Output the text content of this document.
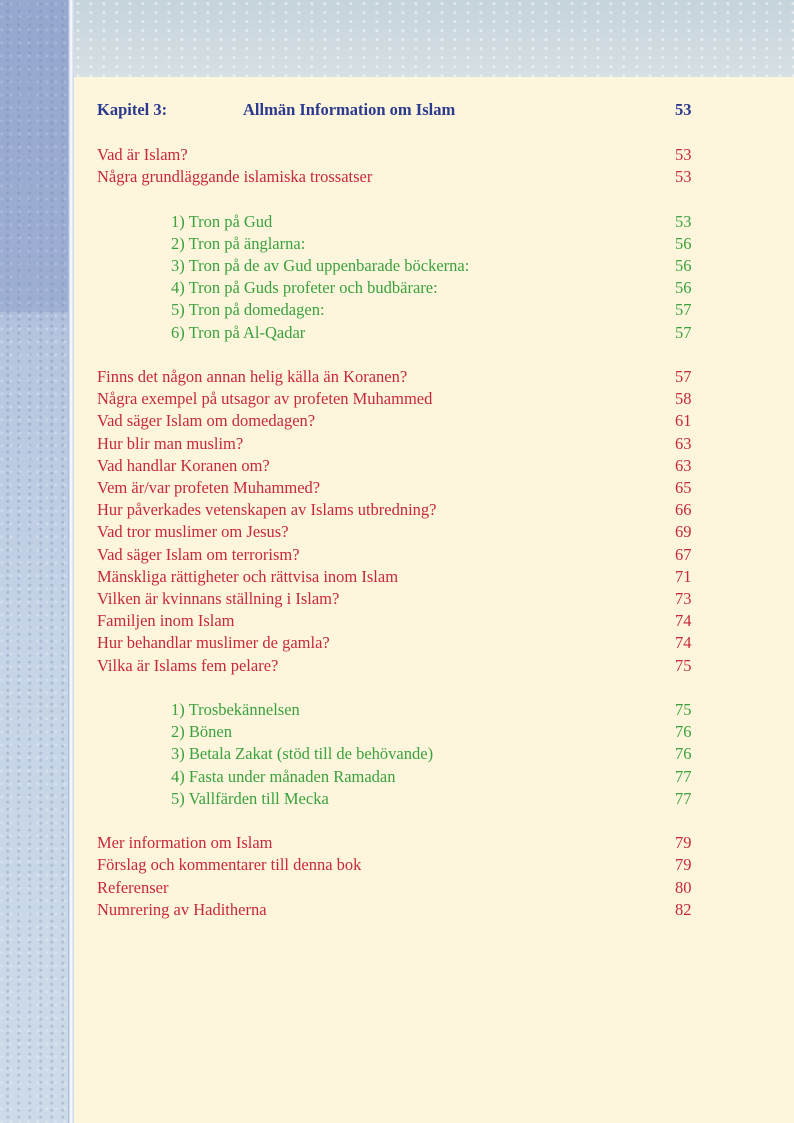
Kapitel 3:	Allmän Information om Islam	53
Vad är Islam?	53
Några grundläggande islamiska trossatser	53
1) Tron på Gud	53
2) Tron på änglarna:	56
3) Tron på de av Gud uppenbarade böckerna:	56
4) Tron på Guds profeter och budbärare:	56
5) Tron på domedagen:	57
6) Tron på Al-Qadar	57
Finns det någon annan helig källa än Koranen?	57
Några exempel på utsagor av profeten Muhammed	58
Vad säger Islam om domedagen?	61
Hur blir man muslim?	63
Vad handlar Koranen om?	63
Vem är/var profeten Muhammed?	65
Hur påverkades vetenskapen av Islams utbredning?	66
Vad tror muslimer om Jesus?	69
Vad säger Islam om terrorism?	67
Mänskliga rättigheter och rättvisa inom Islam	71
Vilken är kvinnans ställning i Islam?	73
Familjen inom Islam	74
Hur behandlar muslimer de gamla?	74
Vilka är Islams fem pelare?	75
1) Trosbekännelsen	75
2) Bönen	76
3) Betala Zakat (stöd till de behövande)	76
4) Fasta under månaden Ramadan	77
5) Vallfärden till Mecka	77
Mer information om Islam	79
Förslag och kommentarer till denna bok	79
Referenser	80
Numrering av Haditherna	82
